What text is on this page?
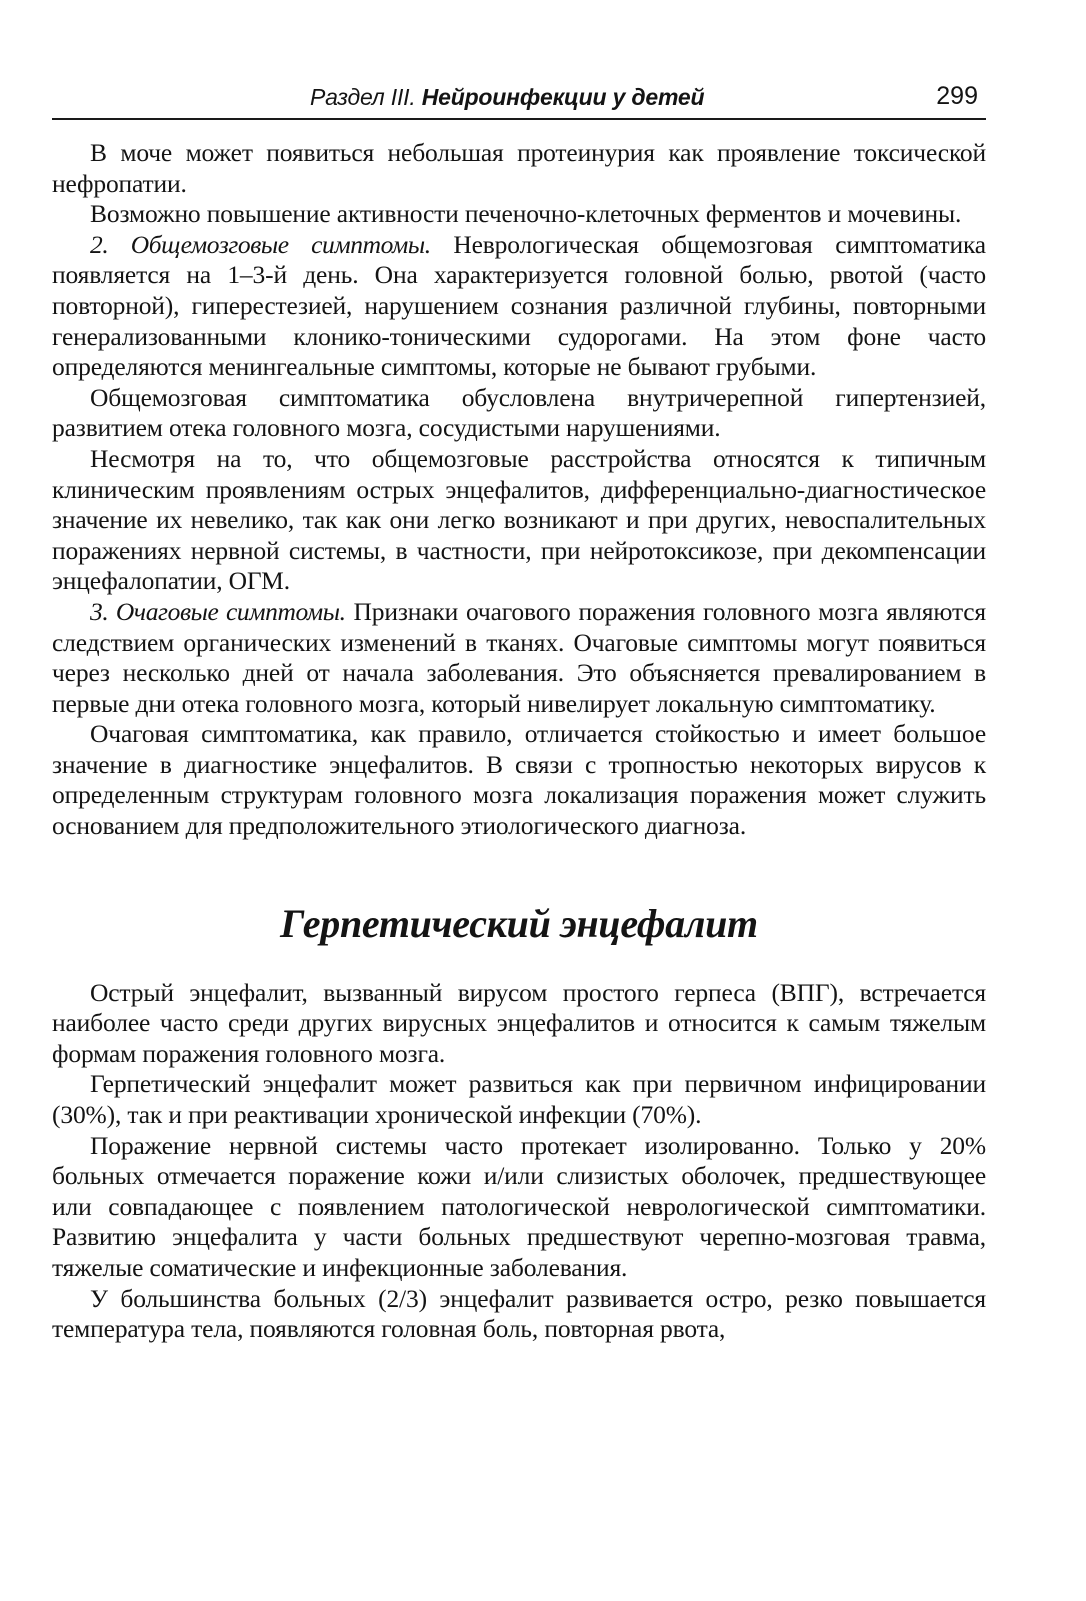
Раздел III. Нейроинфекции у детей	299

В моче может появиться небольшая протеинурия как проявление токсической нефропатии.

Возможно повышение активности печеночно-клеточных ферментов и мочевины.

2. Общемозговые симптомы. Неврологическая общемозговая симптоматика появляется на 1–3-й день. Она характеризуется головной болью, рвотой (часто повторной), гиперестезией, нарушением сознания различной глубины, повторными генерализованными клонико-тоническими судорогами. На этом фоне часто определяются менингеальные симптомы, которые не бывают грубыми.

Общемозговая симптоматика обусловлена внутричерепной гипертензией, развитием отека головного мозга, сосудистыми нарушениями.

Несмотря на то, что общемозговые расстройства относятся к типичным клиническим проявлениям острых энцефалитов, дифференциально-диагностическое значение их невелико, так как они легко возникают и при других, невоспалительных поражениях нервной системы, в частности, при нейротоксикозе, при декомпенсации энцефалопатии, ОГМ.

3. Очаговые симптомы. Признаки очагового поражения головного мозга являются следствием органических изменений в тканях. Очаговые симптомы могут появиться через несколько дней от начала заболевания. Это объясняется превалированием в первые дни отека головного мозга, который нивелирует локальную симптоматику.

Очаговая симптоматика, как правило, отличается стойкостью и имеет большое значение в диагностике энцефалитов. В связи с тропностью некоторых вирусов к определенным структурам головного мозга локализация поражения может служить основанием для предположительного этиологического диагноза.

Герпетический энцефалит

Острый энцефалит, вызванный вирусом простого герпеса (ВПГ), встречается наиболее часто среди других вирусных энцефалитов и относится к самым тяжелым формам поражения головного мозга.

Герпетический энцефалит может развиться как при первичном инфицировании (30%), так и при реактивации хронической инфекции (70%).

Поражение нервной системы часто протекает изолированно. Только у 20% больных отмечается поражение кожи и/или слизистых оболочек, предшествующее или совпадающее с появлением патологической неврологической симптоматики. Развитию энцефалита у части больных предшествуют черепно-мозговая травма, тяжелые соматические и инфекционные заболевания.

У большинства больных (2/3) энцефалит развивается остро, резко повышается температура тела, появляются головная боль, повторная рвота,
